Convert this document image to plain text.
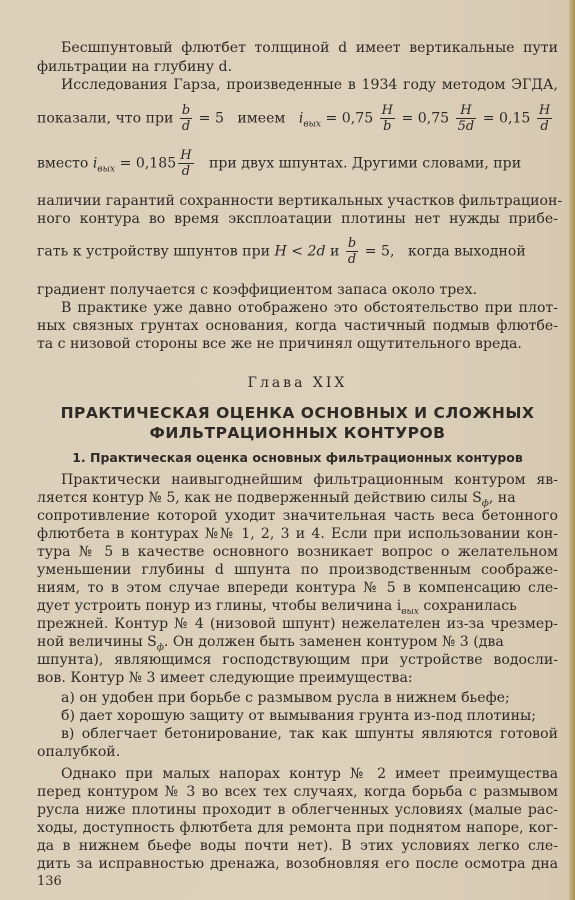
Бесшпунтовый флютбет толщиной d имеет вертикальные пути
фильтрации на глубину d.
Исследования Гарза, произведенные в 1934 году методом ЭГДА,
показали, что при $\frac{b}{d} = 5$ имеем $i_{вых} = 0,75 \frac{H}{b} = 0,75 \frac{H}{5d} = 0,15 \frac{H}{d}$
вместо $i_{вых} = 0,185 \frac{H}{d}$ при двух шпунтах. Другими словами, при
наличии гарантий сохранности вертикальных участков фильтрацион-
ного контура во время эксплоатации плотины нет нужды прибе-
гать к устройству шпунтов при H < 2d и $\frac{b}{d} = 5$, когда выходной
градиент получается с коэффициентом запаса около трех.
В практике уже давно отображено это обстоятельство при плот-
ных связных грунтах основания, когда частичный подмыв флютбе-
та с низовой стороны все же не причинял ощутительного вреда.
Глава XIX
ПРАКТИЧЕСКАЯ ОЦЕНКА ОСНОВНЫХ И СЛОЖНЫХ
ФИЛЬТРАЦИОННЫХ КОНТУРОВ
1. Практическая оценка основных фильтрационных контуров
Практически наивыгоднейшим фильтрационным контуром яв-
ляется контур № 5, как не подверженный действию силы $S_ф$, на
сопротивление которой уходит значительная часть веса бетонного
флютбета в контурах №№ 1, 2, 3 и 4. Если при использовании кон-
тура № 5 в качестве основного возникает вопрос о желательном
уменьшении глубины d шпунта по производственным соображе-
ниям, то в этом случае впереди контура № 5 в компенсацию сле-
дует устроить понур из глины, чтобы величина $i_{вых}$ сохранилась
прежней. Контур № 4 (низовой шпунт) нежелателен из-за чрезмер-
ной величины $S_ф$. Он должен быть заменен контуром № 3 (два
шпунта), являющимся господствующим при устройстве водосли-
вов. Контур № 3 имеет следующие преимущества:
а) он удобен при борьбе с размывом русла в нижнем бьефе;
б) дает хорошую защиту от вымывания грунта из-под плотины;
в) облегчает бетонирование, так как шпунты являются готовой
опалубкой.
Однако при малых напорах контур № 2 имеет преимущества
перед контуром № 3 во всех тех случаях, когда борьба с размывом
русла ниже плотины проходит в облегченных условиях (малые рас-
ходы, доступность флютбета для ремонта при поднятом напоре, ког-
да в нижнем бьефе воды почти нет). В этих условиях легко сле-
дить за исправностью дренажа, возобновляя его после осмотра дна
136
